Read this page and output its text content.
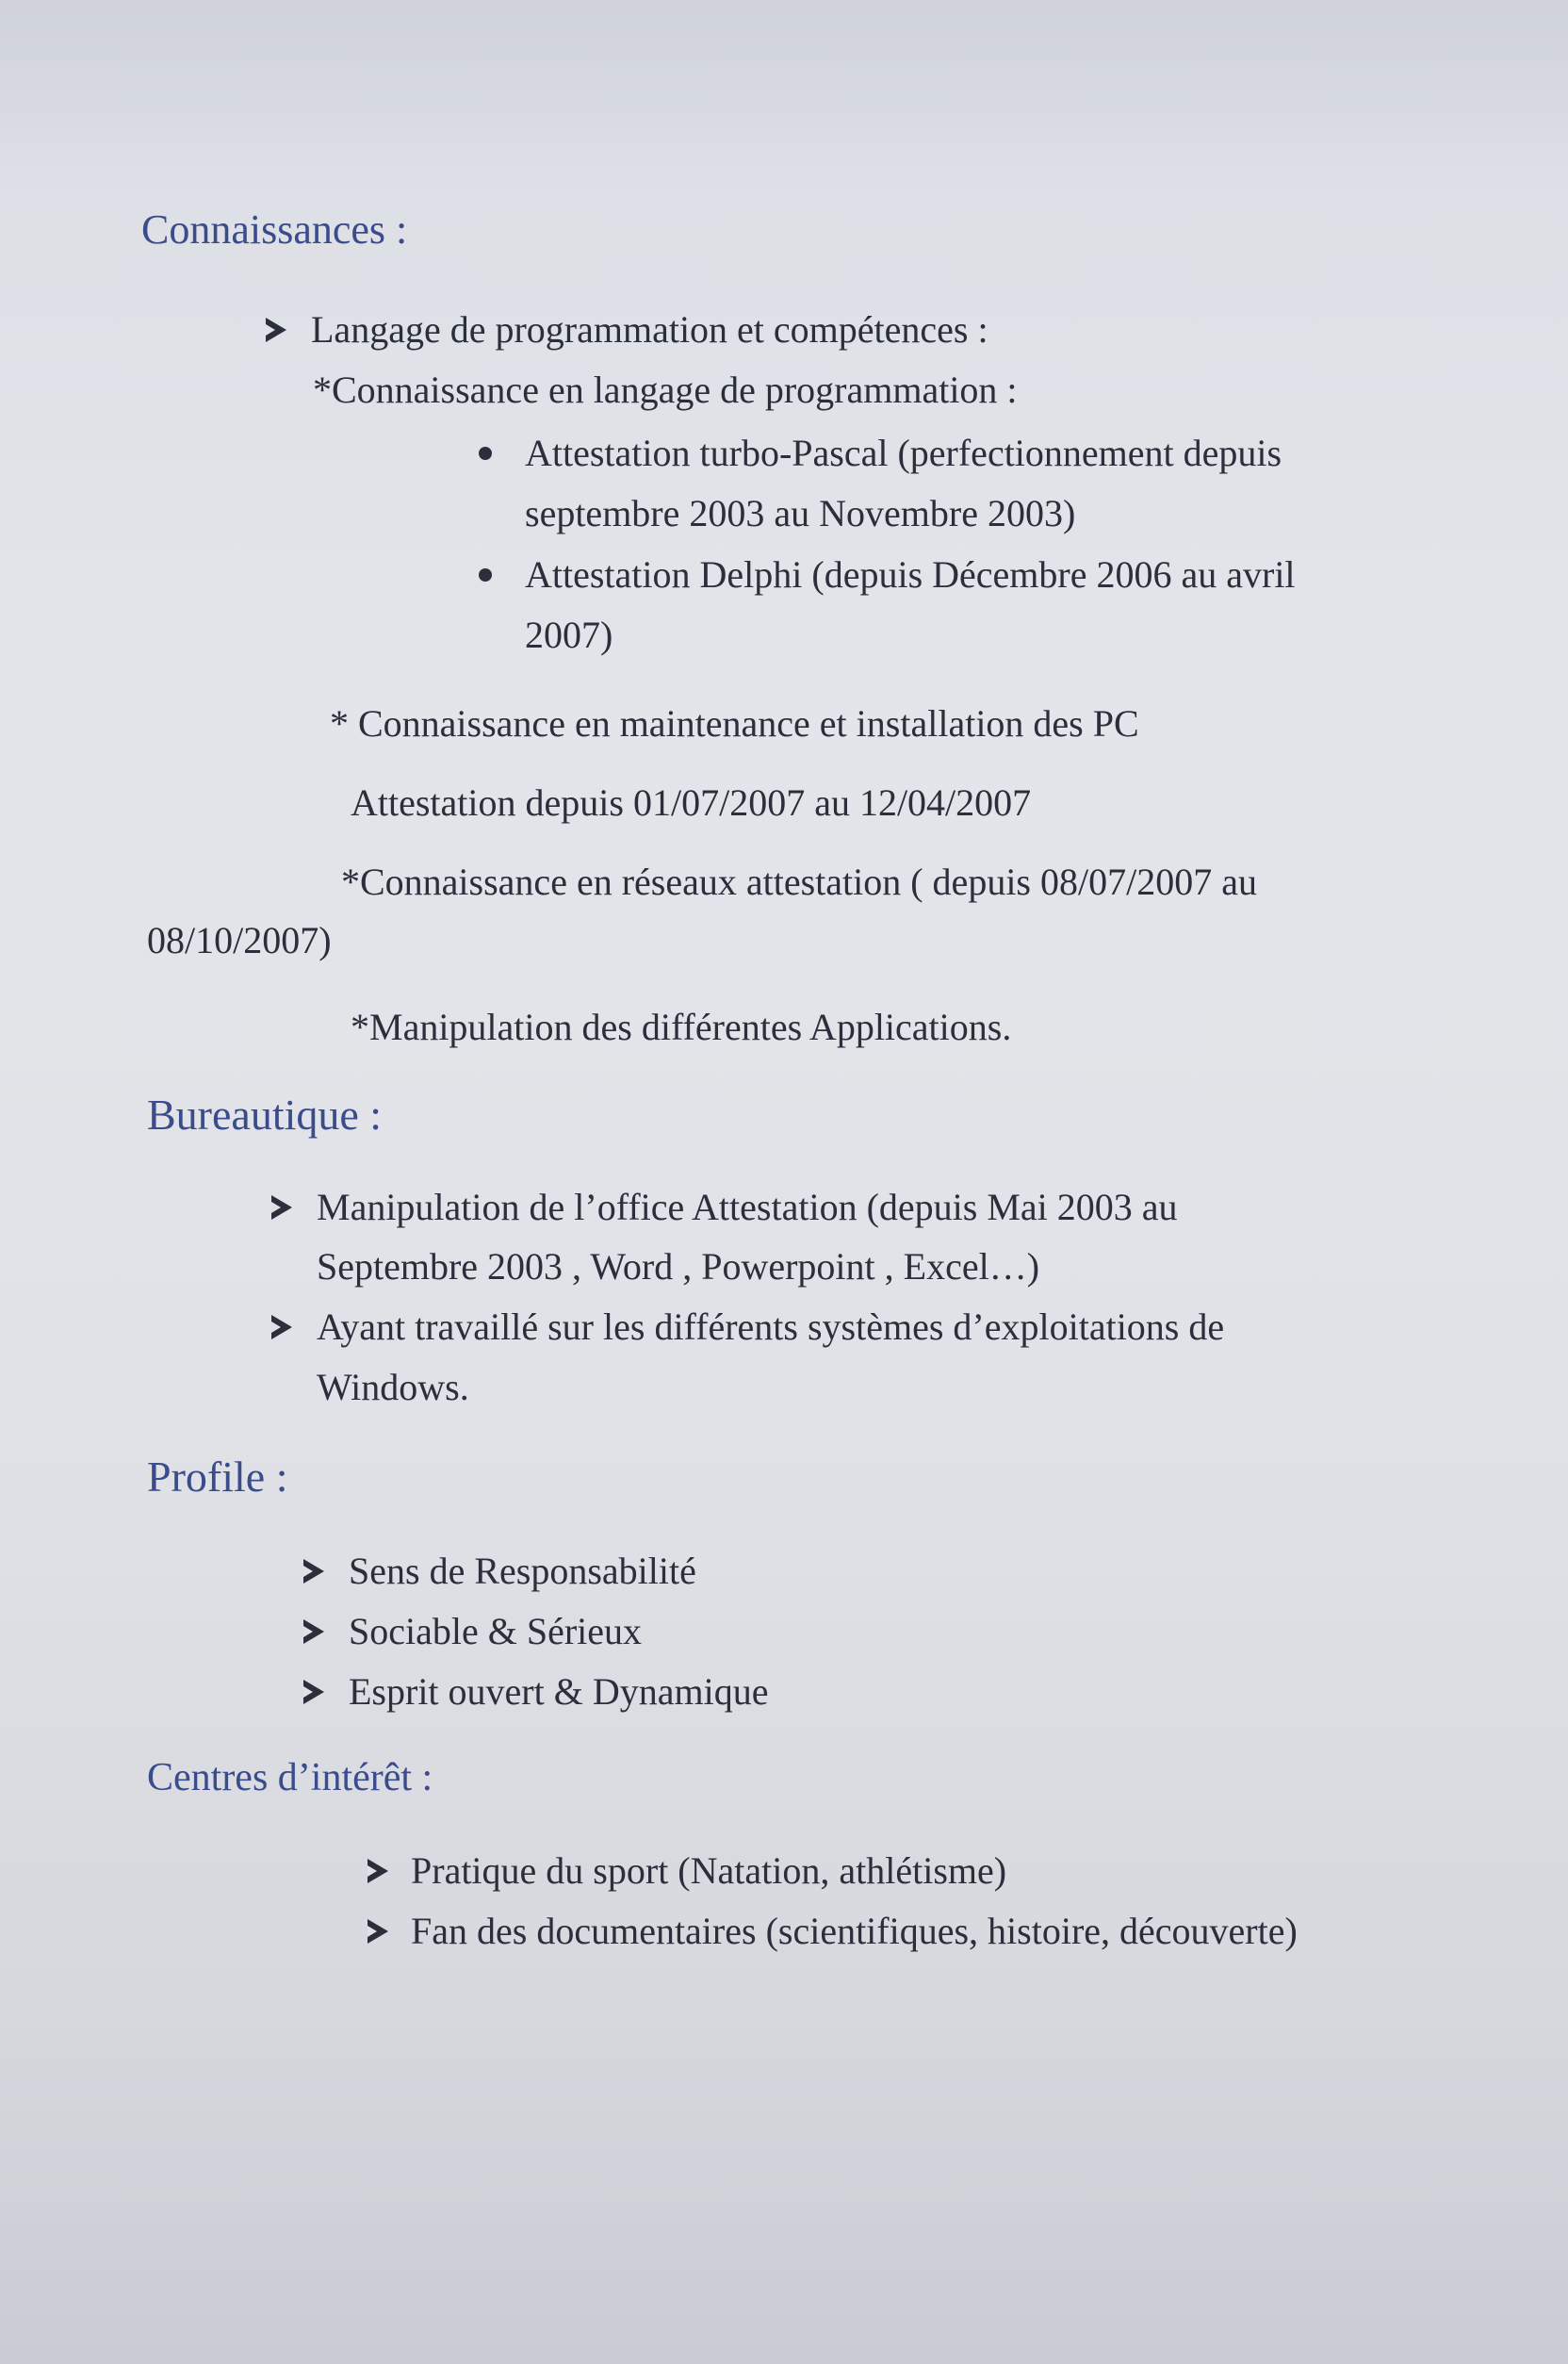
Connaissances :
Langage de programmation et compétences :
*Connaissance en langage de programmation :
Attestation turbo-Pascal (perfectionnement depuis
septembre 2003 au Novembre 2003)
Attestation Delphi (depuis Décembre 2006 au avril
2007)
* Connaissance en maintenance et installation des PC
Attestation depuis 01/07/2007 au 12/04/2007
*Connaissance en réseaux attestation ( depuis 08/07/2007 au
08/10/2007)
*Manipulation des différentes Applications.
Bureautique :
Manipulation de l’office Attestation (depuis Mai 2003 au
Septembre 2003 , Word , Powerpoint , Excel…)
Ayant travaillé sur les différents systèmes d’exploitations de
Windows.
Profile :
Sens de Responsabilité
Sociable & Sérieux
Esprit ouvert & Dynamique
Centres d’intérêt :
Pratique du sport (Natation, athlétisme)
Fan des documentaires (scientifiques, histoire, découverte)
